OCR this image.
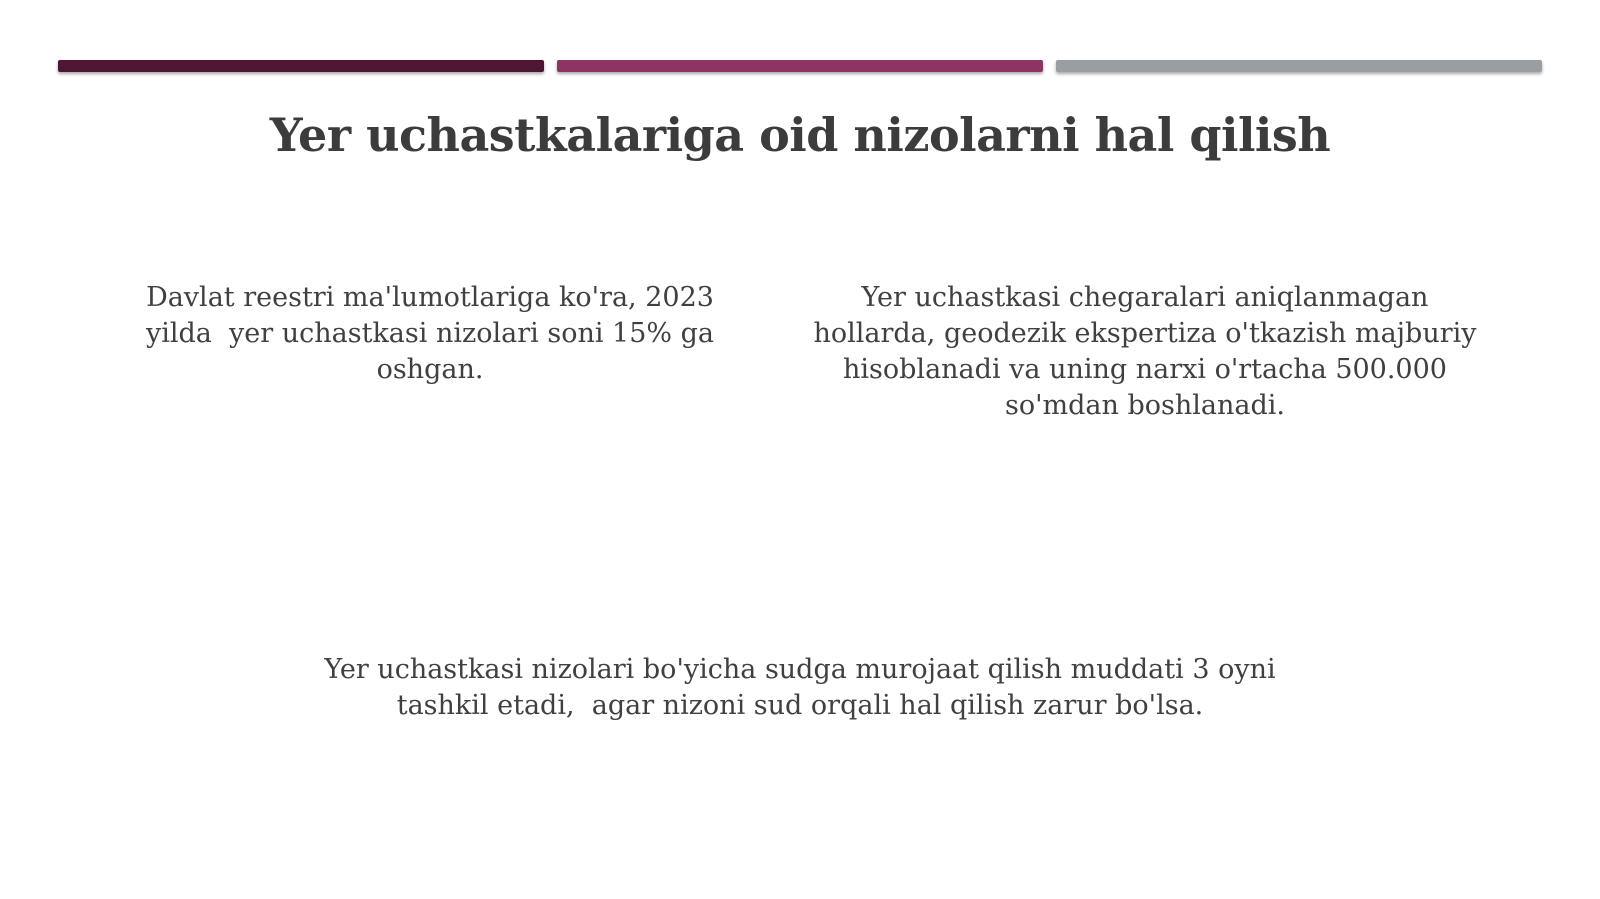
Yer uchastkalariga oid nizolarni hal qilish

Davlat reestri ma'lumotlariga ko'ra, 2023
yilda  yer uchastkasi nizolari soni 15% ga
oshgan.

Yer uchastkasi chegaralari aniqlanmagan
hollarda, geodezik ekspertiza o'tkazish majburiy
hisoblanadi va uning narxi o'rtacha 500.000
so'mdan boshlanadi.

Yer uchastkasi nizolari bo'yicha sudga murojaat qilish muddati 3 oyni
tashkil etadi,  agar nizoni sud orqali hal qilish zarur bo'lsa.
